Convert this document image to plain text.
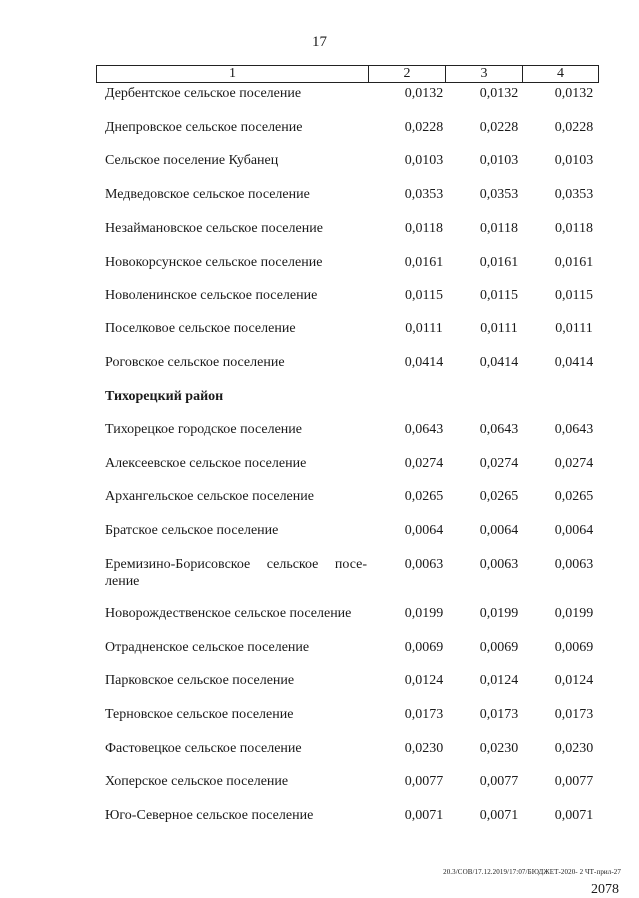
17
1	2	3	4
Дербентское сельское поселение	0,0132	0,0132	0,0132
Днепровское сельское поселение	0,0228	0,0228	0,0228
Сельское поселение Кубанец	0,0103	0,0103	0,0103
Медведовское сельское поселение	0,0353	0,0353	0,0353
Незаймановское сельское поселение	0,0118	0,0118	0,0118
Новокорсунское сельское поселение	0,0161	0,0161	0,0161
Новоленинское сельское поселение	0,0115	0,0115	0,0115
Поселковое сельское поселение	0,0111	0,0111	0,0111
Роговское сельское поселение	0,0414	0,0414	0,0414
Тихорецкий район
Тихорецкое городское поселение	0,0643	0,0643	0,0643
Алексеевское сельское поселение	0,0274	0,0274	0,0274
Архангельское сельское поселение	0,0265	0,0265	0,0265
Братское сельское поселение	0,0064	0,0064	0,0064
Еремизино-Борисовское сельское посе-ление
0,0063	0,0063	0,0063
Новорождественское сельское поселение	0,0199	0,0199	0,0199
Отрадненское сельское поселение	0,0069	0,0069	0,0069
Парковское сельское поселение	0,0124	0,0124	0,0124
Терновское сельское поселение	0,0173	0,0173	0,0173
Фастовецкое сельское поселение	0,0230	0,0230	0,0230
Хоперское сельское поселение	0,0077	0,0077	0,0077
Юго-Северное сельское поселение	0,0071	0,0071	0,0071
20.3/СОВ/17.12.2019/17:07/БЮДЖЕТ-2020- 2 ЧТ-прил-27
2078
